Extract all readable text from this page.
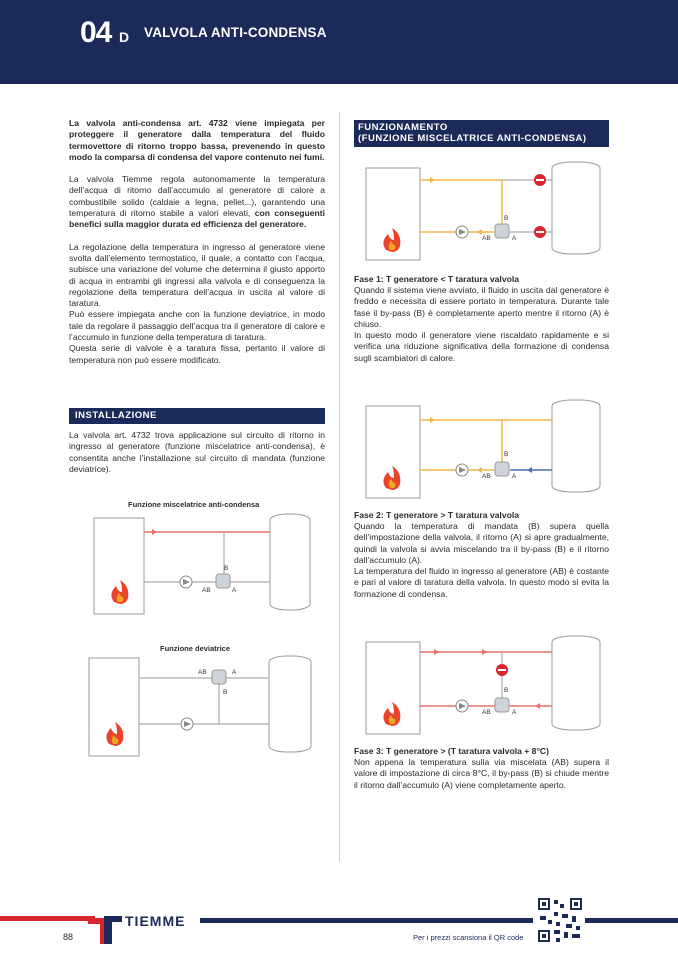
04 D VALVOLA ANTI-CONDENSA

La valvola anti-condensa art. 4732 viene impiegata per proteggere il generatore dalla temperatura del fluido termovettore di ritorno troppo bassa, prevenendo in questo modo la comparsa di condensa del vapore contenuto nei fumi.

La valvola Tiemme regola autonomamente la temperatura dell’acqua di ritorno dall’accumulo al generatore di calore a combustibile solido (caldaie a legna, pellet...), garantendo una temperatura di ritorno stabile a valori elevati, con conseguenti benefici sulla maggior durata ed efficienza del generatore.

La regolazione della temperatura in ingresso al generatore viene svolta dall’elemento termostatico, il quale, a contatto con l’acqua, subisce una variazione del volume che determina il giusto apporto di acqua in entrambi gli ingressi alla valvola e di conseguenza la regolazione della temperatura dell’acqua in uscita al valore di taratura.

Può essere impiegata anche con la funzione deviatrice, in modo tale da regolare il passaggio dell’acqua tra il generatore di calore e l’accumulo in funzione della temperatura di taratura.

Questa serie di valvole è a taratura fissa, pertanto il valore di temperatura non può essere modificato.

INSTALLAZIONE
La valvola art. 4732 trova applicazione sul circuito di ritorno in ingresso al generatore (funzione miscelatrice anti-condensa), è consentita anche l’installazione sul circuito di mandata (funzione deviatrice).
Funzione miscelatrice anti-condensa
Funzione deviatrice
AB	A
B
AB	A
B
FUNZIONAMENTO
(FUNZIONE MISCELATRICE ANTI-CONDENSA)
AB	A
B
Fase 1: T generatore < T taratura valvola

Quando il sistema viene avviato, il fluido in uscita dal generatore è freddo e necessita di essere portato in temperatura. Durante tale fase il by-pass (B) è completamente aperto mentre il ritorno (A) è chiuso.

In questo modo il generatore viene riscaldato rapidamente e si verifica una riduzione significativa della formazione di condensa sugli scambiatori di calore.

AB	A
B
Fase 2: T generatore > T taratura valvola

Quando la temperatura di mandata (B) supera quella dell’impostazione della valvola, il ritorno (A) si apre gradualmente, quindi la valvola si avvia miscelando tra il by-pass (B) e il ritorno dall’accumulo (A).

La temperatura del fluido in ingresso al generatore (AB) è costante e pari al valore di taratura della valvola. In questo modo si evita la formazione di condensa.

AB	A
B
Fase 3: T generatore > (T taratura valvola + 8°C)
Non appena la temperatura sulla via miscelata (AB) supera il valore di impostazione di circa 8°C, il by-pass (B) si chiude mentre il ritorno dall’accumulo (A) viene completamente aperto.
TIEMME
88	Per i prezzi scansiona il QR code
